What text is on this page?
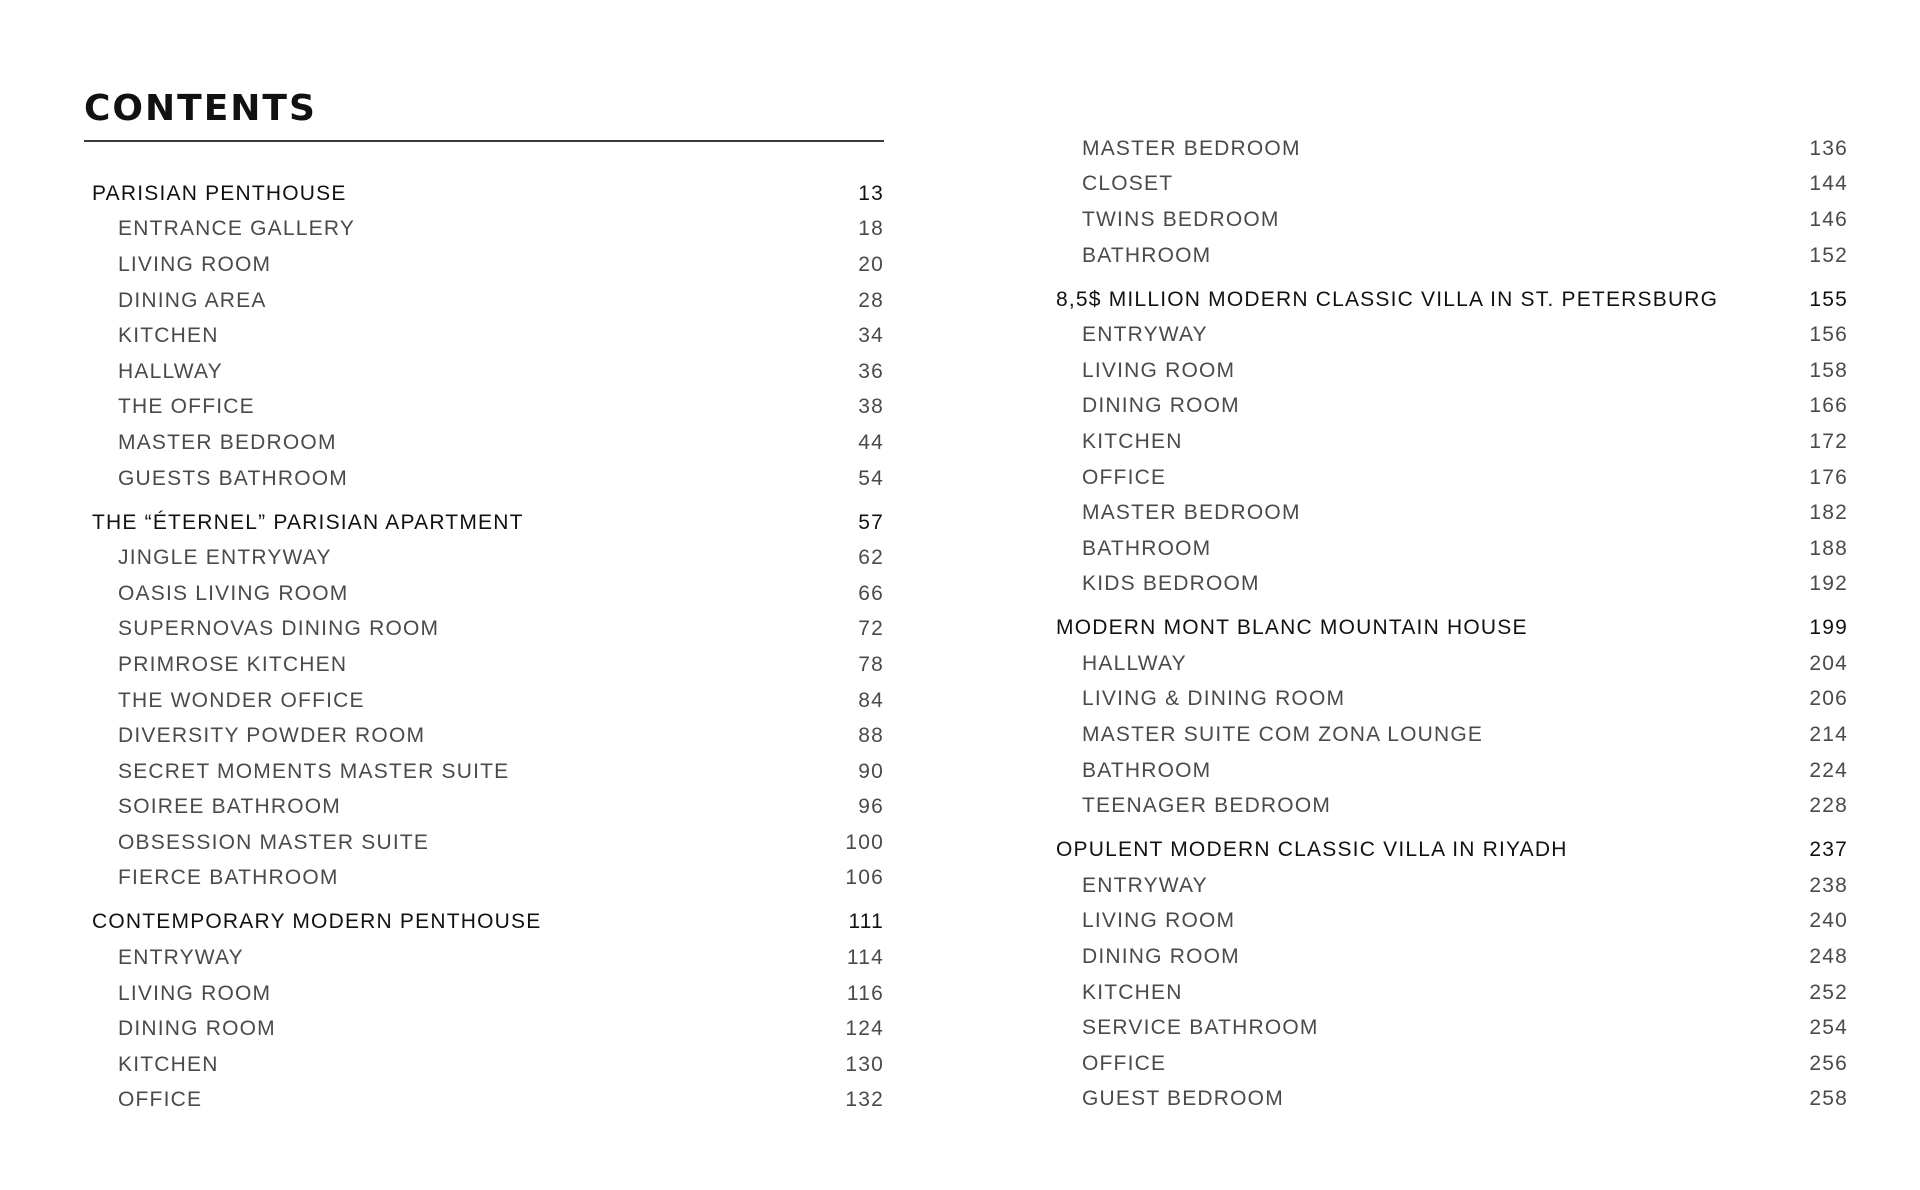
CONTENTS
PARISIAN PENTHOUSE	13
ENTRANCE GALLERY	18
LIVING ROOM	20
DINING AREA	28
KITCHEN	34
HALLWAY	36
THE OFFICE	38
MASTER BEDROOM	44
GUESTS BATHROOM	54
THE “ÉTERNEL” PARISIAN APARTMENT	57
JINGLE ENTRYWAY	62
OASIS LIVING ROOM	66
SUPERNOVAS DINING ROOM	72
PRIMROSE KITCHEN	78
THE WONDER OFFICE	84
DIVERSITY POWDER ROOM	88
SECRET MOMENTS MASTER SUITE	90
SOIREE BATHROOM	96
OBSESSION MASTER SUITE	100
FIERCE BATHROOM	106
CONTEMPORARY MODERN PENTHOUSE	111
ENTRYWAY	114
LIVING ROOM	116
DINING ROOM	124
KITCHEN	130
OFFICE	132
MASTER BEDROOM	136
CLOSET	144
TWINS BEDROOM	146
BATHROOM	152
8,5$ MILLION MODERN CLASSIC VILLA IN ST. PETERSBURG	155
ENTRYWAY	156
LIVING ROOM	158
DINING ROOM	166
KITCHEN	172
OFFICE	176
MASTER BEDROOM	182
BATHROOM	188
KIDS BEDROOM	192
MODERN MONT BLANC MOUNTAIN HOUSE	199
HALLWAY	204
LIVING & DINING ROOM	206
MASTER SUITE COM ZONA LOUNGE	214
BATHROOM	224
TEENAGER BEDROOM	228
OPULENT MODERN CLASSIC VILLA IN RIYADH	237
ENTRYWAY	238
LIVING ROOM	240
DINING ROOM	248
KITCHEN	252
SERVICE BATHROOM	254
OFFICE	256
GUEST BEDROOM	258
